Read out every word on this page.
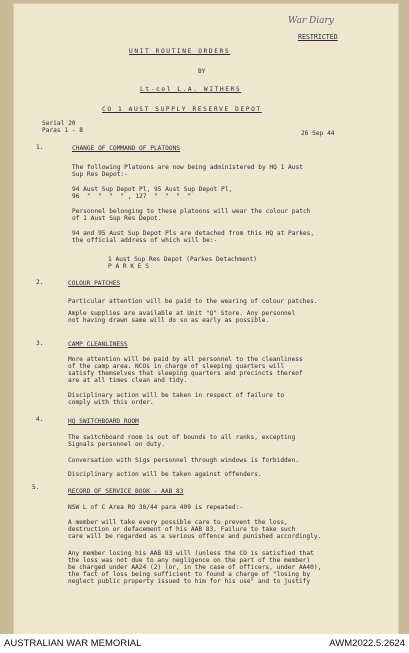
War Diary
RESTRICTED
UNIT ROUTINE ORDERS
BY
Lt-col L.A. WITHERS
CO 1 AUST SUPPLY RESERVE DEPOT
Serial 20
Paras 1 - 8	26 Sep 44
1.	CHANGE OF COMMAND OF PLATOONS
The following Platoons are now being administered by HQ 1 Aust
Sup Res Depot:-
94 Aust Sup Depot Pl, 95 Aust Sup Depot Pl,
96  "  "  "  " , 127  "  "  "  "
Personnel belonging to these platoons will wear the colour patch
of 1 Aust Sup Res Depot.
94 and 95 Aust Sup Depot Pls are detached from this HQ at Parkes,
the official address of which will be:-
1 Aust Sup Res Depot (Parkes Detachment)
P A R K E S
2.	COLOUR PATCHES
Particular attention will be paid to the wearing of colour patches.
Ample supplies are available at Unit "Q" Store. Any personnel
not having drawn same will do so as early as possible.
3.	CAMP CLEANLINESS
More attention will be paid by all personnel to the cleanliness
of the camp area. NCOs in charge of sleeping quarters will
satisfy themselves that sleeping quarters and precincts thereof
are at all times clean and tidy.
Disciplinary action will be taken in respect of failure to
comply with this order.
4.	HQ SWITCHBOARD ROOM
The switchboard room is out of bounds to all ranks, excepting
Signals personnel on duty.
Conversation with Sigs personnel through windows is forbidden.
Disciplinary action will be taken against offenders.
5.
RECORD OF SERVICE BOOK - AAB 83
NSW L of C Area RO 38/44 para 409 is repeated:-
A member will take every possible care to prevent the loss,
destruction or defacement of his AAB 83. Failure to take such
care will be regarded as a serious offence and punished accordingly.
Any member losing his AAB 83 will (unless the CO is satisfied that
the loss was not due to any negligence on the part of the member)
be charged under AA24 (2) (or, in the case of officers, under AA40),
the fact of loss being sufficient to found a charge of "losing by
neglect public property issued to him for his use" and to justify
AUSTRALIAN WAR MEMORIAL	AWM2022.5.2624
